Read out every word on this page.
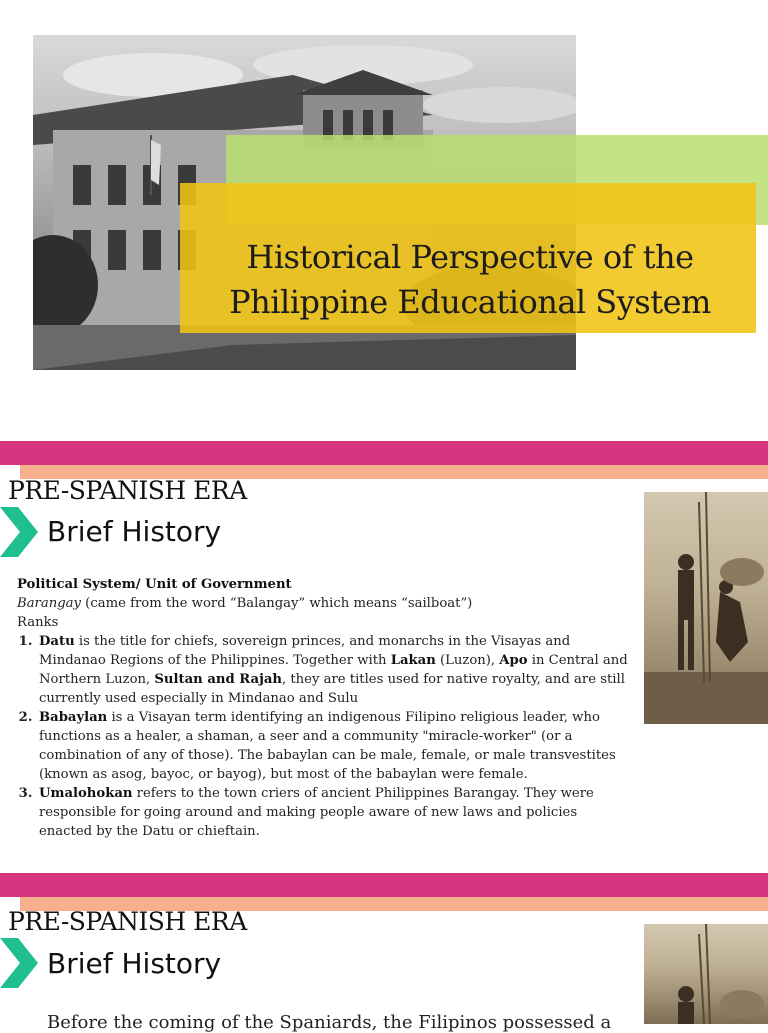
Historical Perspective of the
Philippine Educational System
PRE-SPANISH ERA
Brief History
Political System/ Unit of Government
Barangay (came from the word “Balangay” which means “sailboat”)
Ranks
1. Datu is the title for chiefs, sovereign princes, and monarchs in the Visayas and Mindanao Regions of the Philippines. Together with Lakan (Luzon), Apo in Central and Northern Luzon, Sultan and Rajah, they are titles used for native royalty, and are still currently used especially in Mindanao and Sulu
2. Babaylan is a Visayan term identifying an indigenous Filipino religious leader, who functions as a healer, a shaman, a seer and a community "miracle-worker" (or a combination of any of those). The babaylan can be male, female, or male transvestites (known as asog, bayoc, or bayog), but most of the babaylan were female.
3. Umalohokan refers to the town criers of ancient Philippines Barangay. They were responsible for going around and making people aware of new laws and policies enacted by the Datu or chieftain.
PRE-SPANISH ERA
Brief History
Before the coming of the Spaniards, the Filipinos possessed a
